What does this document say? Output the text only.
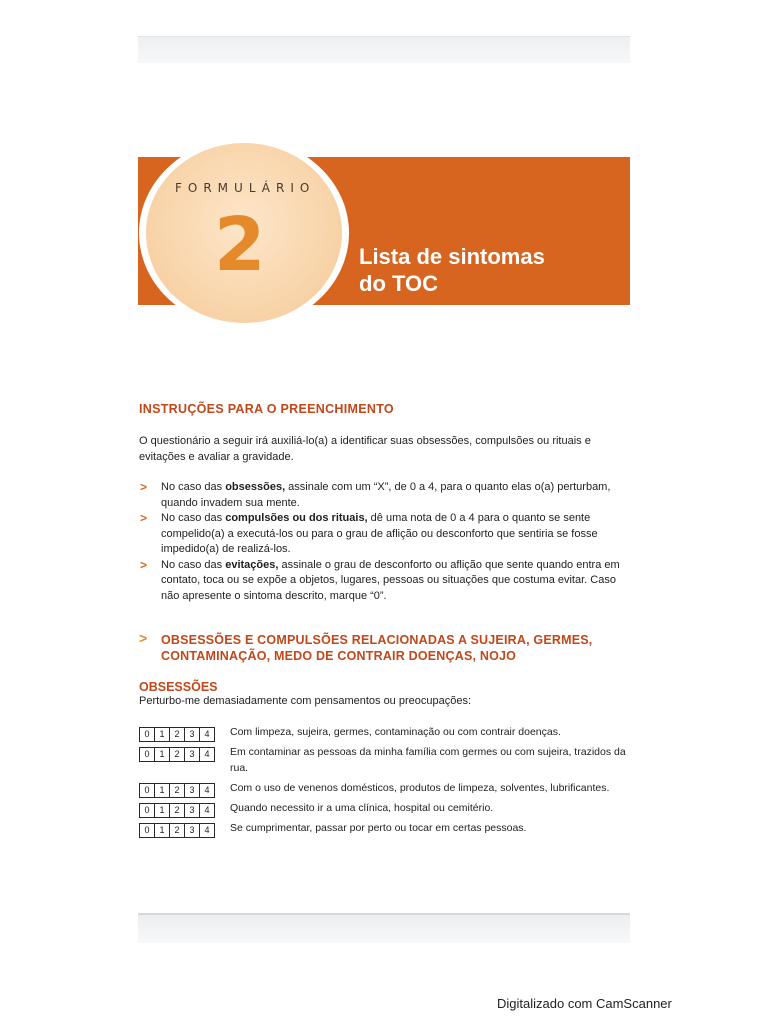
FORMULÁRIO
2	Lista de sintomas
do TOC
INSTRUÇÕES PARA O PREENCHIMENTO
O questionário a seguir irá auxiliá-lo(a) a identificar suas obsessões, compulsões ou rituais e evitações e avaliar a gravidade.
> No caso das obsessões, assinale com um “X”, de 0 a 4, para o quanto elas o(a) perturbam, quando invadem sua mente.
> No caso das compulsões ou dos rituais, dê uma nota de 0 a 4 para o quanto se sente compelido(a) a executá-los ou para o grau de aflição ou desconforto que sentiria se fosse impedido(a) de realizá-los.
> No caso das evitações, assinale o grau de desconforto ou aflição que sente quando entra em contato, toca ou se expõe a objetos, lugares, pessoas ou situações que costuma evitar. Caso não apresente o sintoma descrito, marque “0”.
> OBSESSÕES E COMPULSÕES RELACIONADAS A SUJEIRA, GERMES,
CONTAMINAÇÃO, MEDO DE CONTRAIR DOENÇAS, NOJO
OBSESSÕES
Perturbo-me demasiadamente com pensamentos ou preocupações:
0	1	2	3	4	Com limpeza, sujeira, germes, contaminação ou com contrair doenças.
0	1	2	3	4	Em contaminar as pessoas da minha família com germes ou com sujeira, trazidos da rua.
0	1	2	3	4	Com o uso de venenos domésticos, produtos de limpeza, solventes, lubrificantes.
0	1	2	3	4	Quando necessito ir a uma clínica, hospital ou cemitério.
0	1	2	3	4	Se cumprimentar, passar por perto ou tocar em certas pessoas.
Digitalizado com CamScanner
